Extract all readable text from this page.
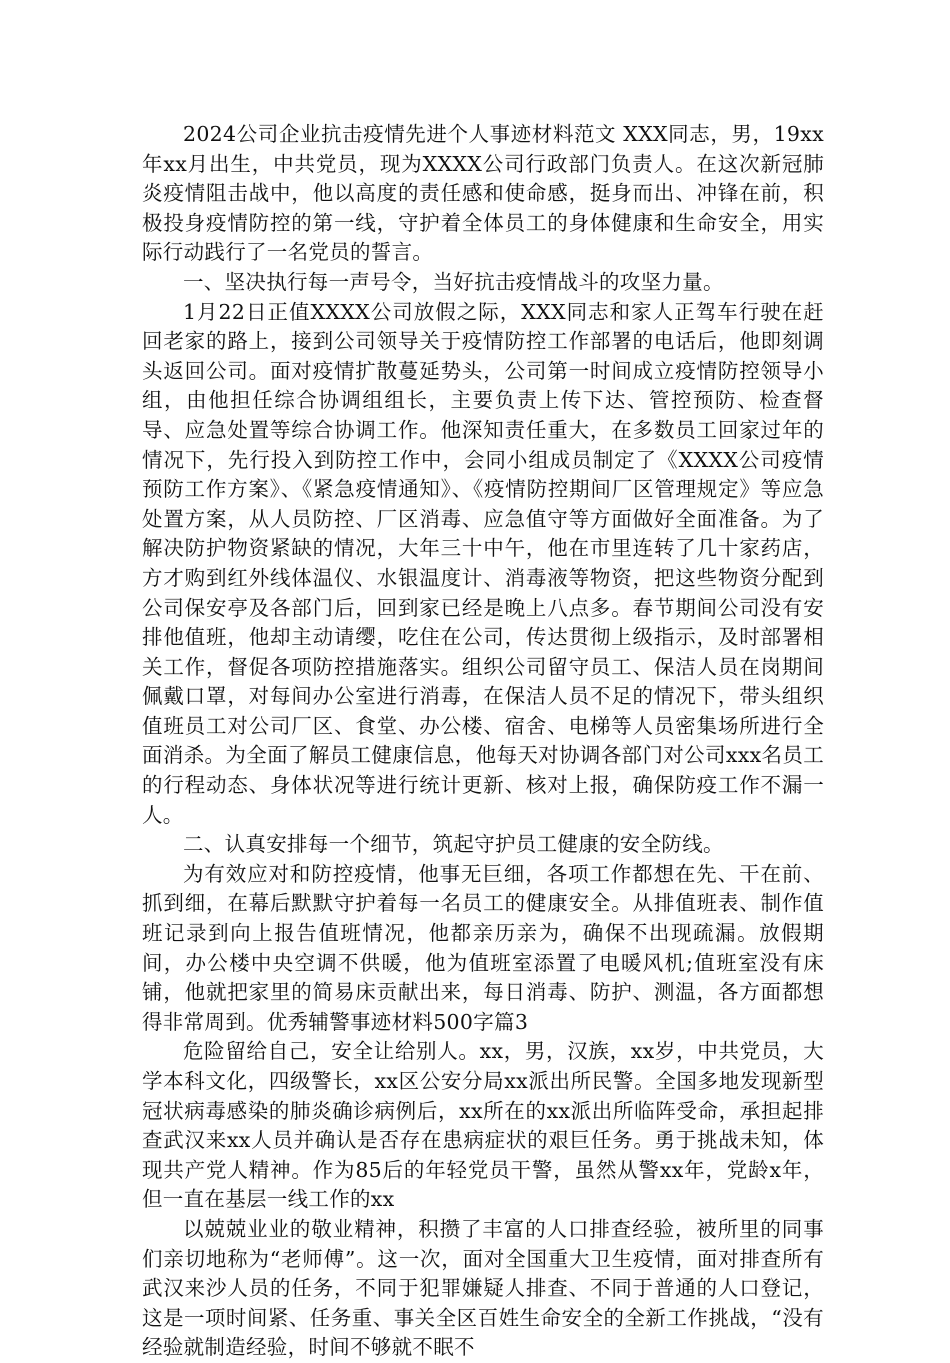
2024公司企业抗击疫情先进个人事迹材料范文 XXX同志，男，19xx年xx月出生，中共党员，现为XXXX公司行政部门负责人。在这次新冠肺炎疫情阻击战中，他以高度的责任感和使命感，挺身而出、冲锋在前，积极投身疫情防控的第一线，守护着全体员工的身体健康和生命安全，用实际行动践行了一名党员的誓言。

一、坚决执行每一声号令，当好抗击疫情战斗的攻坚力量。

1月22日正值XXXX公司放假之际，XXX同志和家人正驾车行驶在赶回老家的路上，接到公司领导关于疫情防控工作部署的电话后，他即刻调头返回公司。面对疫情扩散蔓延势头，公司第一时间成立疫情防控领导小组，由他担任综合协调组组长，主要负责上传下达、管控预防、检查督导、应急处置等综合协调工作。他深知责任重大，在多数员工回家过年的情况下，先行投入到防控工作中，会同小组成员制定了《XXXX公司疫情预防工作方案》、《紧急疫情通知》、《疫情防控期间厂区管理规定》等应急处置方案，从人员防控、厂区消毒、应急值守等方面做好全面准备。为了解决防护物资紧缺的情况，大年三十中午，他在市里连转了几十家药店，方才购到红外线体温仪、水银温度计、消毒液等物资，把这些物资分配到公司保安亭及各部门后，回到家已经是晚上八点多。春节期间公司没有安排他值班，他却主动请缨，吃住在公司，传达贯彻上级指示，及时部署相关工作，督促各项防控措施落实。组织公司留守员工、保洁人员在岗期间佩戴口罩，对每间办公室进行消毒，在保洁人员不足的情况下，带头组织值班员工对公司厂区、食堂、办公楼、宿舍、电梯等人员密集场所进行全面消杀。为全面了解员工健康信息，他每天对协调各部门对公司xxx名员工的行程动态、身体状况等进行统计更新、核对上报，确保防疫工作不漏一人。

二、认真安排每一个细节，筑起守护员工健康的安全防线。

为有效应对和防控疫情，他事无巨细，各项工作都想在先、干在前、抓到细，在幕后默默守护着每一名员工的健康安全。从排值班表、制作值班记录到向上报告值班情况，他都亲历亲为，确保不出现疏漏。放假期间，办公楼中央空调不供暖，他为值班室添置了电暖风机;值班室没有床铺，他就把家里的简易床贡献出来，每日消毒、防护、测温，各方面都想得非常周到。优秀辅警事迹材料500字篇3

危险留给自己，安全让给别人。xx，男，汉族，xx岁，中共党员，大学本科文化，四级警长，xx区公安分局xx派出所民警。全国多地发现新型冠状病毒感染的肺炎确诊病例后，xx所在的xx派出所临阵受命，承担起排查武汉来xx人员并确认是否存在患病症状的艰巨任务。勇于挑战未知，体现共产党人精神。作为85后的年轻党员干警，虽然从警xx年，党龄x年，但一直在基层一线工作的xx

以兢兢业业的敬业精神，积攒了丰富的人口排查经验，被所里的同事们亲切地称为“老师傅”。这一次，面对全国重大卫生疫情，面对排查所有武汉来沙人员的任务，不同于犯罪嫌疑人排查、不同于普通的人口登记，这是一项时间紧、任务重、事关全区百姓生命安全的全新工作挑战，“没有经验就制造经验，时间不够就不眠不
